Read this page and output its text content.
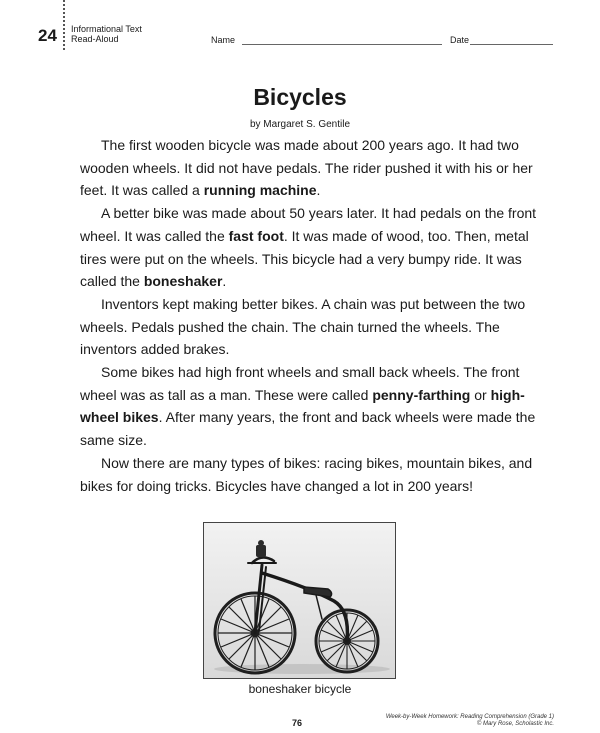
24 Informational Text
Read-Aloud	Name	Date
Bicycles
by Margaret S. Gentile

The first wooden bicycle was made about 200 years ago. It had two wooden wheels. It did not have pedals. The rider pushed it with his or her feet. It was called a running machine.

A better bike was made about 50 years later. It had pedals on the front wheel. It was called the fast foot. It was made of wood, too. Then, metal tires were put on the wheels. This bicycle had a very bumpy ride. It was called the boneshaker.

Inventors kept making better bikes. A chain was put between the two wheels. Pedals pushed the chain. The chain turned the wheels. The inventors added brakes.

Some bikes had high front wheels and small back wheels. The front wheel was as tall as a man. These were called penny-farthing or high-wheel bikes. After many years, the front and back wheels were made the same size.

Now there are many types of bikes: racing bikes, mountain bikes, and bikes for doing tricks. Bicycles have changed a lot in 200 years!

boneshaker bicycle
76
Week-by-Week Homework: Reading Comprehension (Grade 1)
© Mary Rose, Scholastic Inc.
